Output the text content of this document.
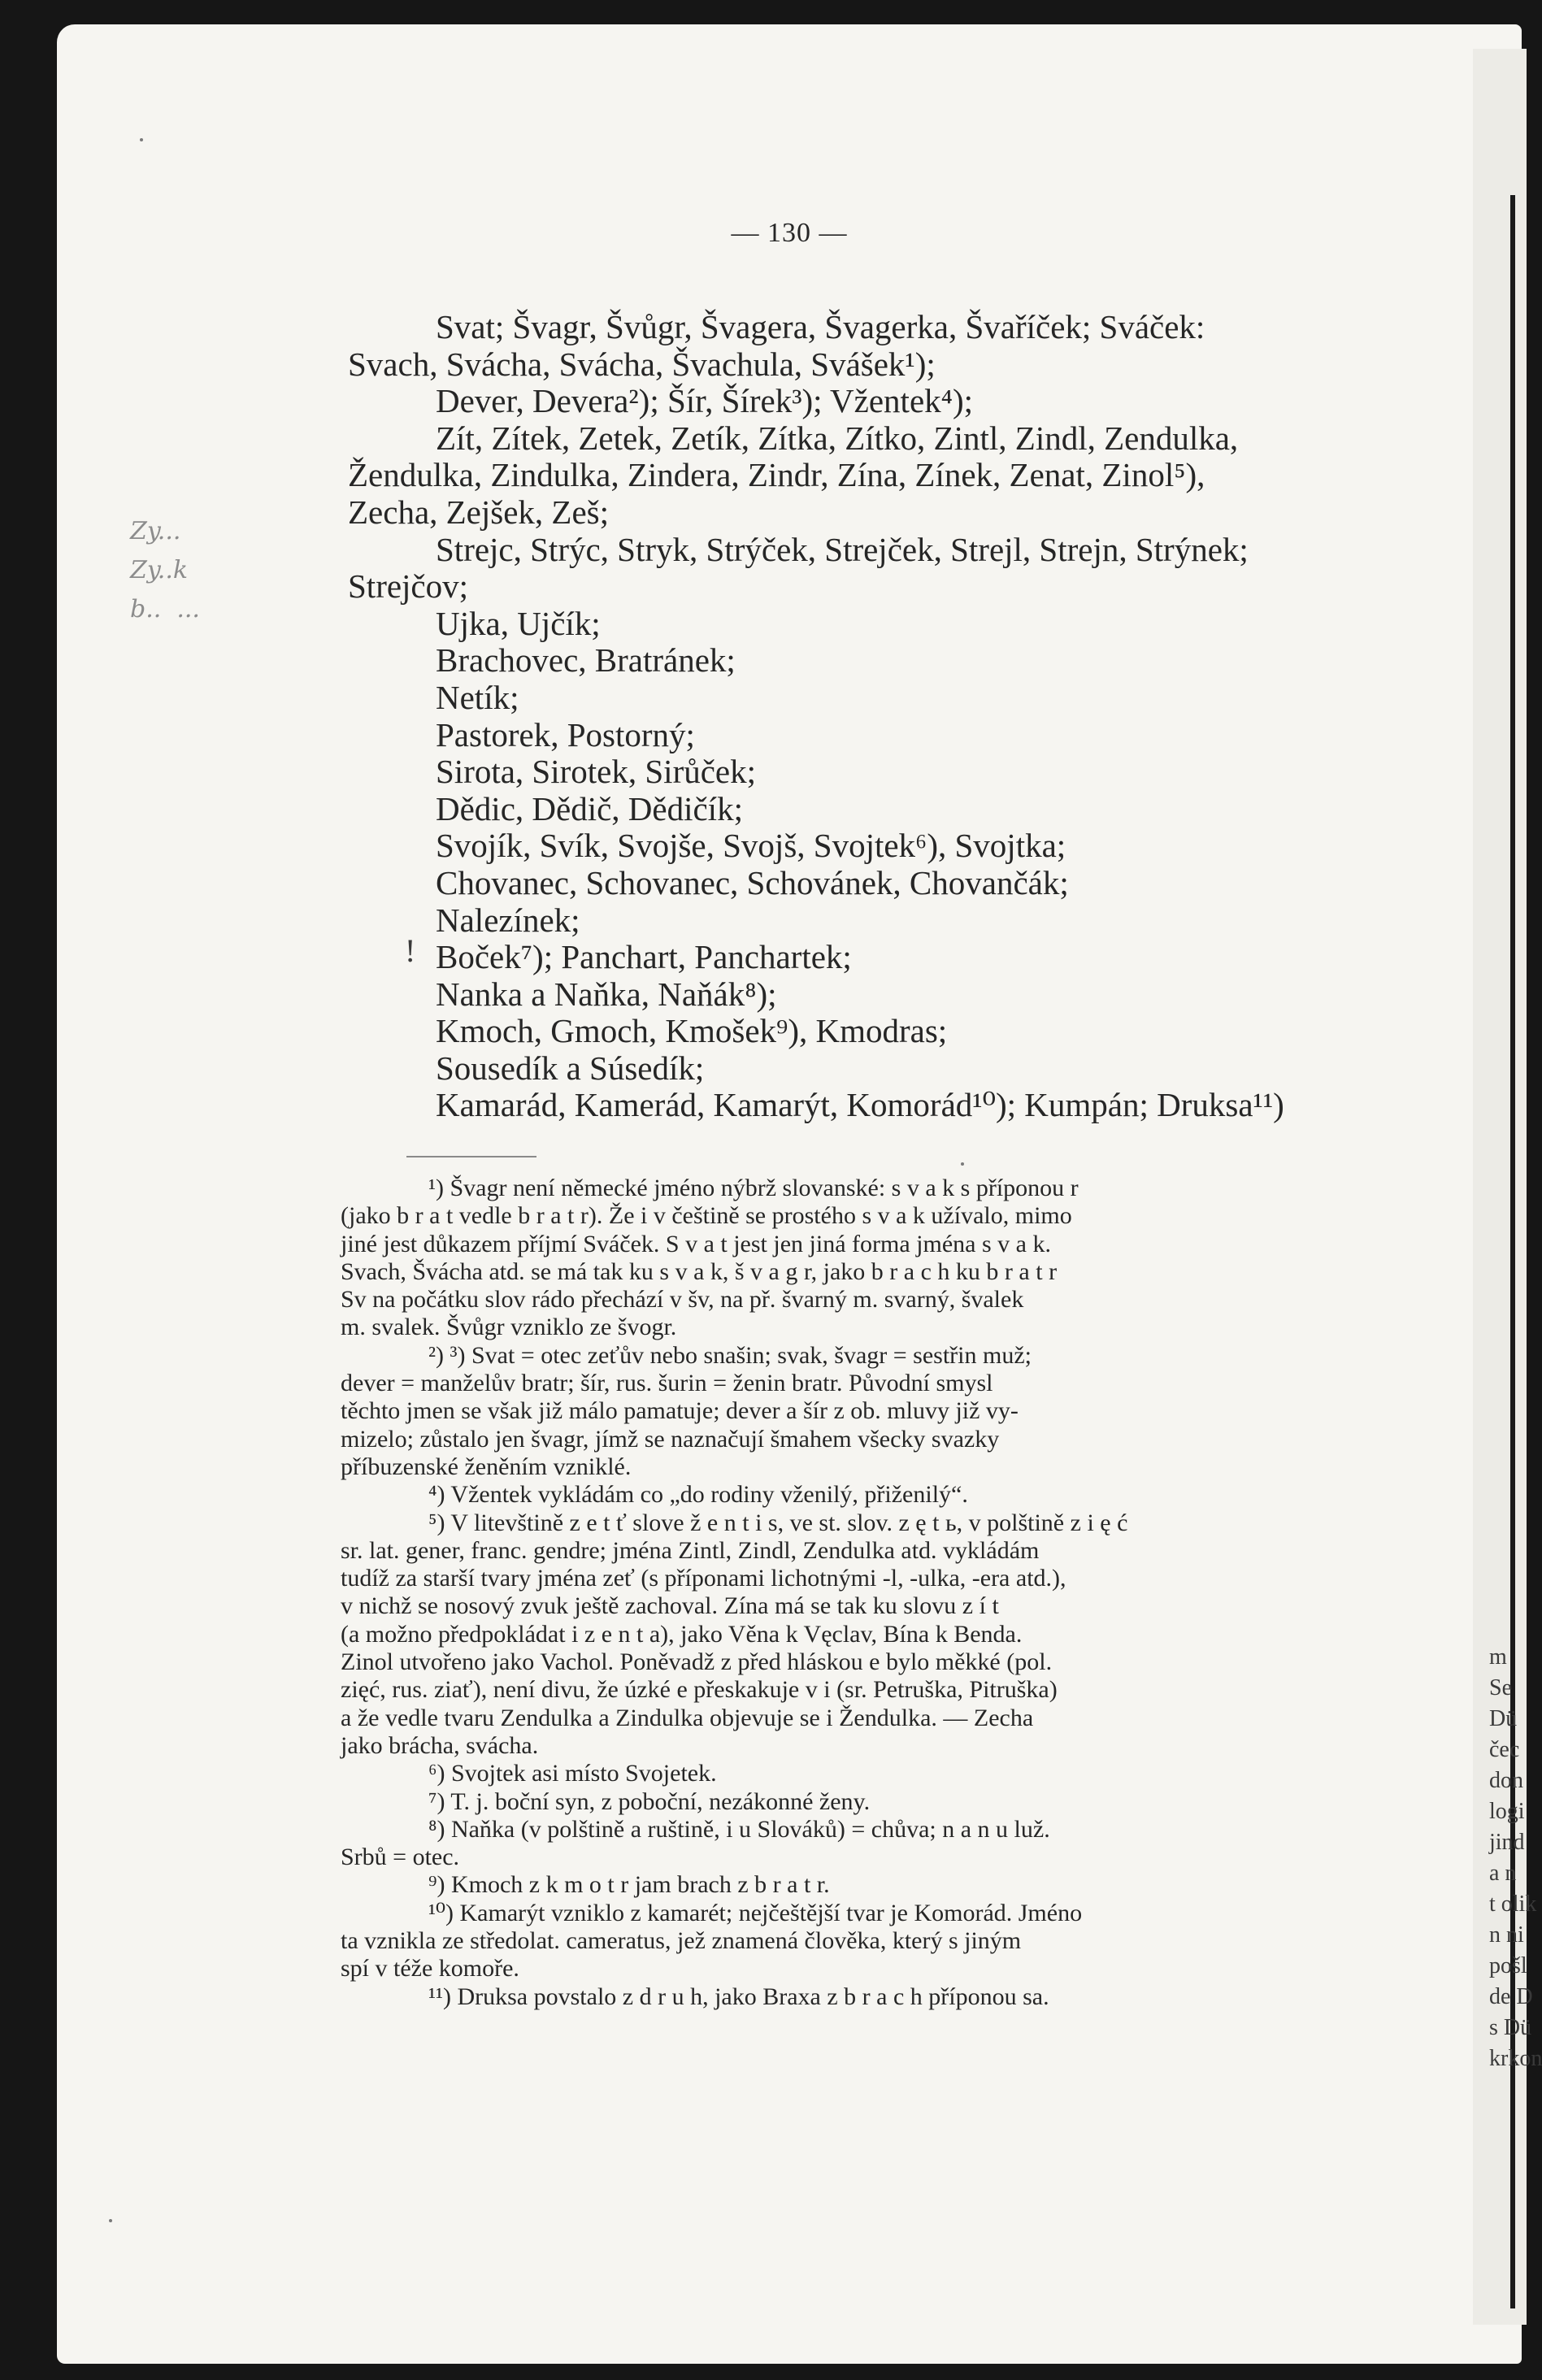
— 130 —
Svat; Švagr, Švůgr, Švagera, Švagerka, Švaříček; Sváček:
Svach, Svácha, Svácha, Švachula, Svášek¹);
Dever, Devera²); Šír, Šírek³); Vžentek⁴);
Zít, Zítek, Zetek, Zetík, Zítka, Zítko, Zintl, Zindl, Zendulka,
Žendulka, Zindulka, Zindera, Zindr, Zína, Zínek, Zenat, Zinol⁵),
Zecha, Zejšek, Zeš;
Strejc, Strýc, Stryk, Strýček, Strejček, Strejl, Strejn, Strýnek;
Strejčov;
Ujka, Ujčík;
Brachovec, Bratránek;
Netík;
Pastorek, Postorný;
Sirota, Sirotek, Sirůček;
Dědic, Dědič, Dědičík;
Svojík, Svík, Svojše, Svojš, Svojtek⁶), Svojtka;
Chovanec, Schovanec, Schovánek, Chovančák;
Nalezínek;
Boček⁷); Panchart, Panchartek;
Nanka a Naňka, Naňák⁸);
Kmoch, Gmoch, Kmošek⁹), Kmodras;
Sousedík a Súsedík;
Kamarád, Kamerád, Kamarýt, Komorád¹⁰); Kumpán; Druksa¹¹)
¹) Švagr není německé jméno nýbrž slovanské: s v a k s příponou r
(jako b r a t vedle b r a t r). Že i v češtině se prostého s v a k užívalo, mimo
jiné jest důkazem příjmí Sváček. S v a t jest jen jiná forma jména s v a k.
Svach, Švácha atd. se má tak ku s v a k, š v a g r, jako b r a c h ku b r a t r
Sv na počátku slov rádo přechází v šv, na př. švarný m. svarný, švalek
m. svalek. Švůgr vzniklo ze švogr.
²) ³) Svat = otec zeťův nebo snašin; svak, švagr = sestřin muž;
dever = manželův bratr; šír, rus. šurin = ženin bratr. Původní smysl
těchto jmen se však již málo pamatuje; dever a šír z ob. mluvy již vy-
mizelo; zůstalo jen švagr, jímž se naznačují šmahem všecky svazky
příbuzenské ženěním vzniklé.
⁴) Vžentek vykládám co „do rodiny vženilý, přiženilý“.
⁵) V litevštině z e t ť slove ž e n t i s, ve st. slov. z ę t ь, v polštině z i ę ć
sr. lat. gener, franc. gendre; jména Zintl, Zindl, Zendulka atd. vykládám
tudíž za starší tvary jména zeť (s příponami lichotnými -l, -ulka, -era atd.),
v nichž se nosový zvuk ještě zachoval. Zína má se tak ku slovu z í t
(a možno předpokládat i z e n t a), jako Věna k Vęclav, Bína k Benda.
Zinol utvořeno jako Vachol. Poněvadž z před hláskou e bylo měkké (pol.
zięć, rus. ziať), není divu, že úzké e přeskakuje v i (sr. Petruška, Pitruška)
a že vedle tvaru Zendulka a Zindulka objevuje se i Žendulka. — Zecha
jako brácha, svácha.
⁶) Svojtek asi místo Svojetek.
⁷) T. j. boční syn, z poboční, nezákonné ženy.
⁸) Naňka (v polštině a ruštině, i u Slováků) = chůva; n a n u luž.
Srbů = otec.
⁹) Kmoch z k m o t r jam brach z b r a t r.
¹⁰) Kamarýt vzniklo z kamarét; nejčeštější tvar je Komorád. Jméno
ta vznikla ze středolat. cameratus, jež znamená člověka, který s jiným
spí v téže komoře.
¹¹) Druksa povstalo z d r u h, jako Braxa z b r a c h příponou sa.
Zy...
Zy..k
b..  ...
!
m
Se
Dü
čec
don
logi
jind
a n
t olik
n ni
pošl
de D
s Dü
krkon
